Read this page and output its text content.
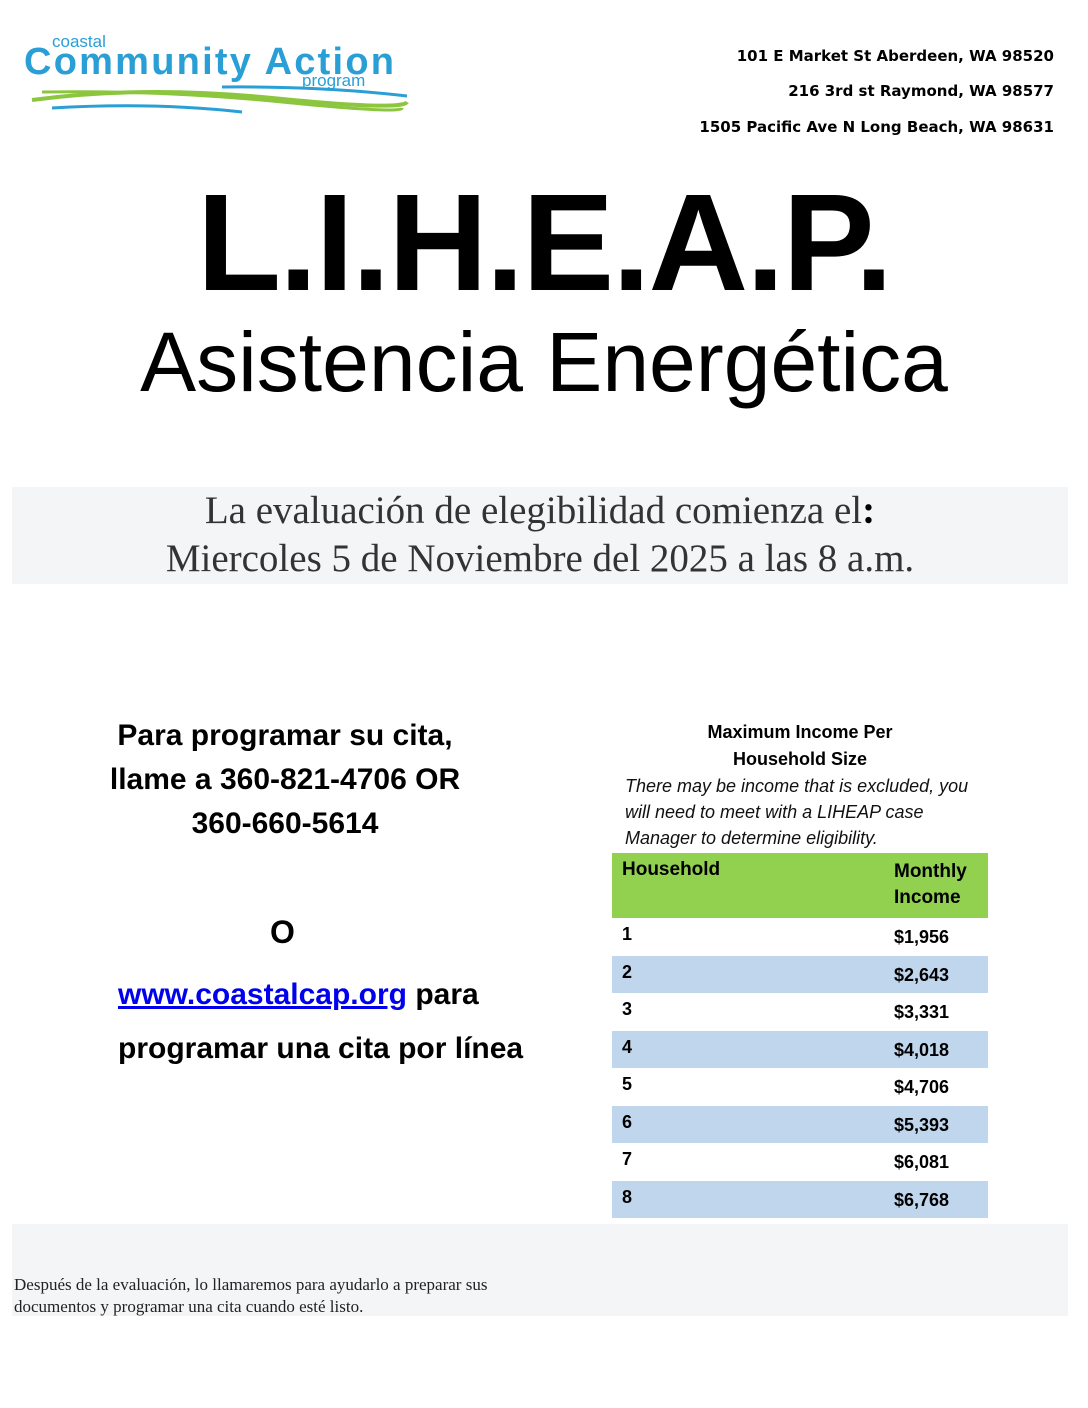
coastal
Community Action
program
101 E Market St Aberdeen, WA 98520
216 3rd st Raymond, WA 98577
1505 Pacific Ave N Long Beach, WA 98631
L.I.H.E.A.P.
Asistencia Energética
La evaluación de elegibilidad comienza el:
Miercoles 5 de Noviembre del 2025 a las 8 a.m.
Para programar su cita,
llame a 360-821-4706 OR
360-660-5614
O
www.coastalcap.org para
programar una cita por línea
Maximum Income Per
Household Size
There may be income that is excluded, you will need to meet with a LIHEAP case Manager to determine eligibility.
Household	Monthly Income
1	$1,956
2	$2,643
3	$3,331
4	$4,018
5	$4,706
6	$5,393
7	$6,081
8	$6,768
Después de la evaluación, lo llamaremos para ayudarlo a preparar sus
documentos y programar una cita cuando esté listo.
